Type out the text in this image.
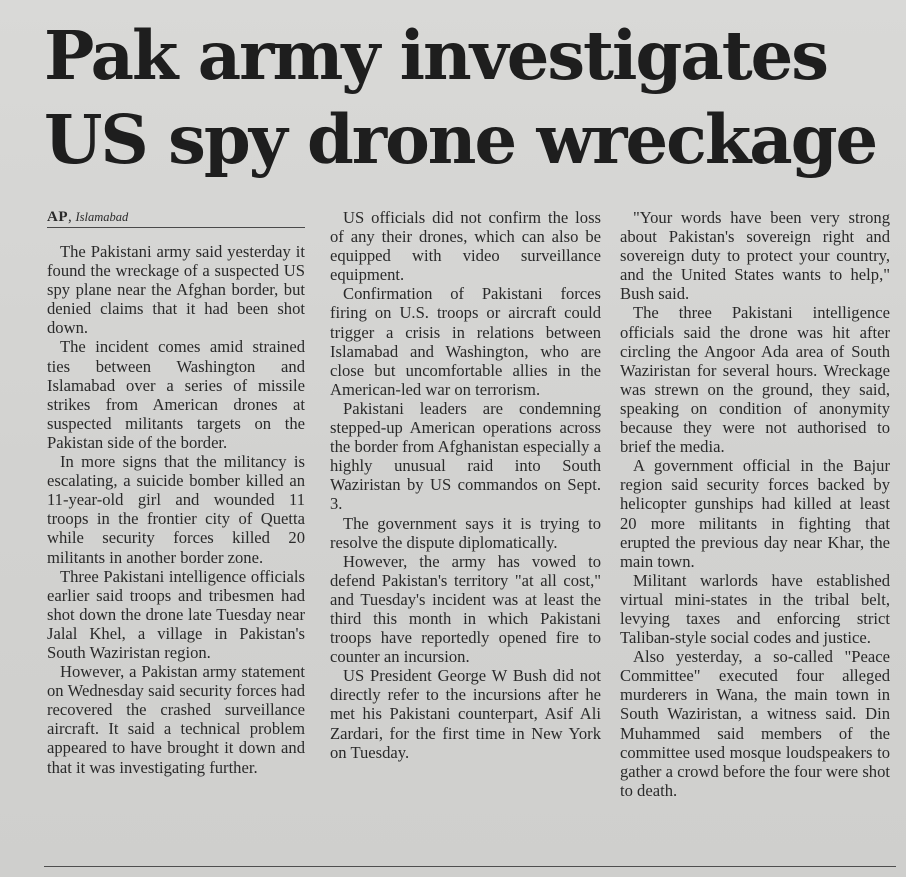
Pak army investigates
US spy drone wreckage
AP, Islamabad

The Pakistani army said yesterday it found the wreckage of a suspected US spy plane near the Afghan border, but denied claims that it had been shot down.

The incident comes amid strained ties between Washington and Islamabad over a series of missile strikes from American drones at suspected militants targets on the Pakistan side of the border.

In more signs that the militancy is escalating, a suicide bomber killed an 11-year-old girl and wounded 11 troops in the frontier city of Quetta while security forces killed 20 militants in another border zone.

Three Pakistani intelligence officials earlier said troops and tribesmen had shot down the drone late Tuesday near Jalal Khel, a village in Pakistan's South Waziristan region.

However, a Pakistan army statement on Wednesday said security forces had recovered the crashed surveillance aircraft. It said a technical problem appeared to have brought it down and that it was investigating further.

US officials did not confirm the loss of any their drones, which can also be equipped with video surveillance equipment.

Confirmation of Pakistani forces firing on U.S. troops or aircraft could trigger a crisis in relations between Islamabad and Washington, who are close but uncomfortable allies in the American-led war on terrorism.

Pakistani leaders are condemning stepped-up American operations across the border from Afghanistan especially a highly unusual raid into South Waziristan by US commandos on Sept. 3.

The government says it is trying to resolve the dispute diplomatically.

However, the army has vowed to defend Pakistan's territory "at all cost," and Tuesday's incident was at least the third this month in which Pakistani troops have reportedly opened fire to counter an incursion.

US President George W Bush did not directly refer to the incursions after he met his Pakistani counterpart, Asif Ali Zardari, for the first time in New York on Tuesday.

"Your words have been very strong about Pakistan's sovereign right and sovereign duty to protect your country, and the United States wants to help," Bush said.

The three Pakistani intelligence officials said the drone was hit after circling the Angoor Ada area of South Waziristan for several hours. Wreckage was strewn on the ground, they said, speaking on condition of anonymity because they were not authorised to brief the media.

A government official in the Bajur region said security forces backed by helicopter gunships had killed at least 20 more militants in fighting that erupted the previous day near Khar, the main town.

Militant warlords have established virtual mini-states in the tribal belt, levying taxes and enforcing strict Taliban-style social codes and justice.

Also yesterday, a so-called "Peace Committee" executed four alleged murderers in Wana, the main town in South Waziristan, a witness said. Din Muhammed said members of the committee used mosque loudspeakers to gather a crowd before the four were shot to death.
